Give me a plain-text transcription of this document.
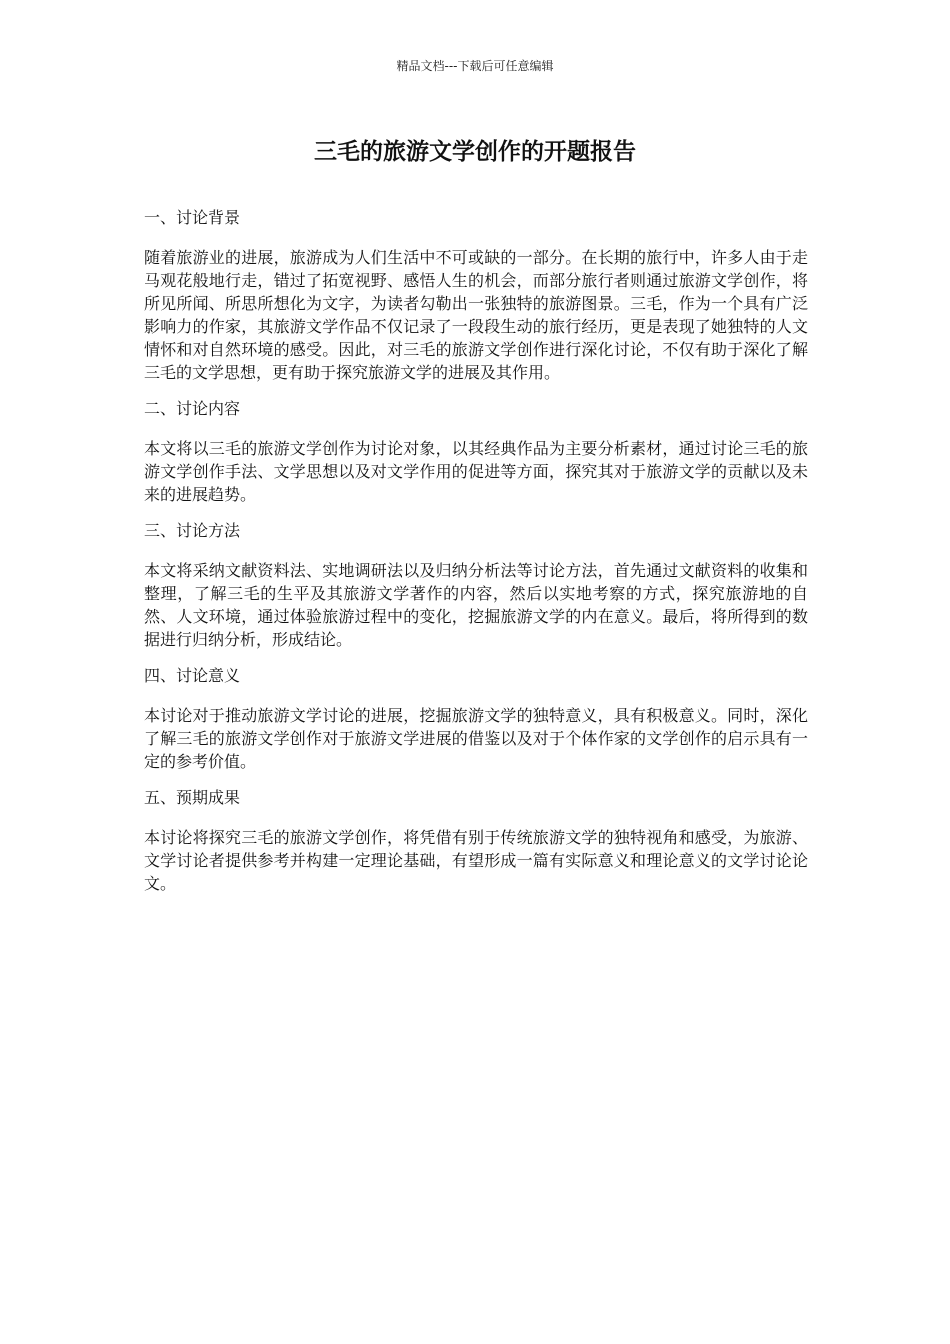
精品文档---下载后可任意编辑
三毛的旅游文学创作的开题报告

一、讨论背景

随着旅游业的进展，旅游成为人们生活中不可或缺的一部分。在长期的旅行中，许多人由于走马观花般地行走，错过了拓宽视野、感悟人生的机会，而部分旅行者则通过旅游文学创作，将所见所闻、所思所想化为文字，为读者勾勒出一张独特的旅游图景。三毛，作为一个具有广泛影响力的作家，其旅游文学作品不仅记录了一段段生动的旅行经历，更是表现了她独特的人文情怀和对自然环境的感受。因此，对三毛的旅游文学创作进行深化讨论，不仅有助于深化了解三毛的文学思想，更有助于探究旅游文学的进展及其作用。

二、讨论内容

本文将以三毛的旅游文学创作为讨论对象，以其经典作品为主要分析素材，通过讨论三毛的旅游文学创作手法、文学思想以及对文学作用的促进等方面，探究其对于旅游文学的贡献以及未来的进展趋势。

三、讨论方法

本文将采纳文献资料法、实地调研法以及归纳分析法等讨论方法，首先通过文献资料的收集和整理，了解三毛的生平及其旅游文学著作的内容，然后以实地考察的方式，探究旅游地的自然、人文环境，通过体验旅游过程中的变化，挖掘旅游文学的内在意义。最后，将所得到的数据进行归纳分析，形成结论。

四、讨论意义

本讨论对于推动旅游文学讨论的进展，挖掘旅游文学的独特意义，具有积极意义。同时，深化了解三毛的旅游文学创作对于旅游文学进展的借鉴以及对于个体作家的文学创作的启示具有一定的参考价值。

五、预期成果

本讨论将探究三毛的旅游文学创作，将凭借有别于传统旅游文学的独特视角和感受，为旅游、文学讨论者提供参考并构建一定理论基础，有望形成一篇有实际意义和理论意义的文学讨论论文。
